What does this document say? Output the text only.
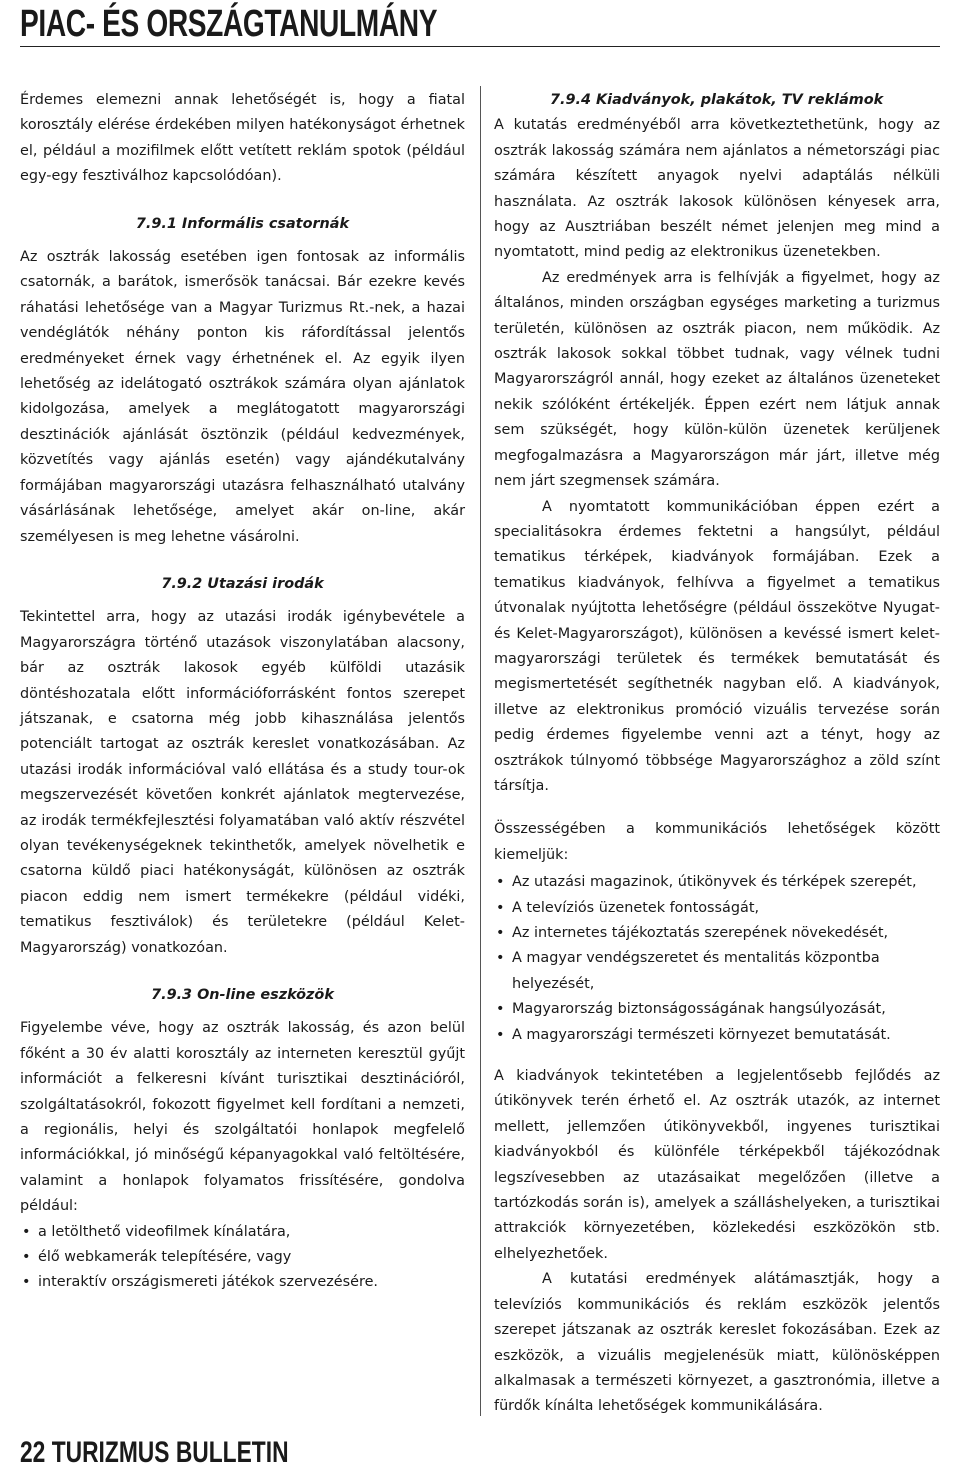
PIAC- ÉS ORSZÁGTANULMÁNY

Érdemes elemezni annak lehetőségét is, hogy a fiatal korosztály elérése érdekében milyen hatékonyságot érhetnek el, például a mozifilmek előtt vetített reklám spotok (például egy-egy fesztiválhoz kapcsolódóan).

7.9.1 Informális csatornák

Az osztrák lakosság esetében igen fontosak az informális csatornák, a barátok, ismerősök tanácsai. Bár ezekre kevés ráhatási lehetősége van a Magyar Turizmus Rt.-nek, a hazai vendéglátók néhány ponton kis ráfordítással jelentős eredményeket érnek vagy érhetnének el. Az egyik ilyen lehetőség az idelátogató osztrákok számára olyan ajánlatok kidolgozása, amelyek a meglátogatott magyarországi desztinációk ajánlását ösztönzik (például kedvezmények, közvetítés vagy ajánlás esetén) vagy ajándékutalvány formájában magyarországi utazásra felhasználható utalvány vásárlásának lehetősége, amelyet akár on-line, akár személyesen is meg lehetne vásárolni.

7.9.2 Utazási irodák

Tekintettel arra, hogy az utazási irodák igénybevétele a Magyarországra történő utazások viszonylatában alacsony, bár az osztrák lakosok egyéb külföldi utazásik döntéshozatala előtt információforrásként fontos szerepet játszanak, e csatorna még jobb kihasználása jelentős potenciált tartogat az osztrák kereslet vonatkozásában. Az utazási irodák információval való ellátása és a study tour-ok megszervezését követően konkrét ajánlatok megtervezése, az irodák termékfejlesztési folyamatában való aktív részvétel olyan tevékenységeknek tekinthetők, amelyek növelhetik e csatorna küldő piaci hatékonyságát, különösen az osztrák piacon eddig nem ismert termékekre (például vidéki, tematikus fesztiválok) és területekre (például Kelet-Magyarország) vonatkozóan.

7.9.3 On-line eszközök

Figyelembe véve, hogy az osztrák lakosság, és azon belül főként a 30 év alatti korosztály az interneten keresztül gyűjt információt a felkeresni kívánt turisztikai desztinációról, szolgáltatásokról, fokozott figyelmet kell fordítani a nemzeti, a regionális, helyi és szolgáltatói honlapok megfelelő információkkal, jó minőségű képanyagokkal való feltöltésére, valamint a honlapok folyamatos frissítésére, gondolva például:

• a letölthető videofilmek kínálatára,
• élő webkamerák telepítésére, vagy
• interaktív országismereti játékok szervezésére.
7.9.4 Kiadványok, plakátok, TV reklámok

A kutatás eredményéből arra következtethetünk, hogy az osztrák lakosság számára nem ajánlatos a németországi piac számára készített anyagok nyelvi adaptálás nélküli használata. Az osztrák lakosok különösen kényesek arra, hogy az Ausztriában beszélt német jelenjen meg mind a nyomtatott, mind pedig az elektronikus üzenetekben.

Az eredmények arra is felhívják a figyelmet, hogy az általános, minden országban egységes marketing a turizmus területén, különösen az osztrák piacon, nem működik. Az osztrák lakosok sokkal többet tudnak, vagy vélnek tudni Magyarországról annál, hogy ezeket az általános üzeneteket nekik szólóként értékeljék. Éppen ezért nem látjuk annak sem szükségét, hogy külön-külön üzenetek kerüljenek megfogalmazásra a Magyarországon már járt, illetve még nem járt szegmensek számára.

A nyomtatott kommunikációban éppen ezért a specialitásokra érdemes fektetni a hangsúlyt, például tematikus térképek, kiadványok formájában. Ezek a tematikus kiadványok, felhívva a figyelmet a tematikus útvonalak nyújtotta lehetőségre (például összekötve Nyugat- és Kelet-Magyarországot), különösen a kevéssé ismert kelet-magyarországi területek és termékek bemutatását és megismertetését segíthetnék nagyban elő. A kiadványok, illetve az elektronikus promóció vizuális tervezése során pedig érdemes figyelembe venni azt a tényt, hogy az osztrákok túlnyomó többsége Magyarországhoz a zöld színt társítja.

Összességében a kommunikációs lehetőségek között kiemeljük:

• Az utazási magazinok, útikönyvek és térképek szerepét,
• A televíziós üzenetek fontosságát,
• Az internetes tájékoztatás szerepének növekedését,
• A magyar vendégszeretet és mentalitás központba helyezését,
• Magyarország biztonságosságának hangsúlyozását,
• A magyarországi természeti környezet bemutatását.

A kiadványok tekintetében a legjelentősebb fejlődés az útikönyvek terén érhető el. Az osztrák utazók, az internet mellett, jellemzően útikönyvekből, ingyenes turisztikai kiadványokból és különféle térképekből tájékozódnak legszívesebben az utazásaikat megelőzően (illetve a tartózkodás során is), amelyek a szálláshelyeken, a turisztikai attrakciók környezetében, közlekedési eszközökön stb. elhelyezhetőek.

A kutatási eredmények alátámasztják, hogy a televíziós kommunikációs és reklám eszközök jelentős szerepet játszanak az osztrák kereslet fokozásában. Ezek az eszközök, a vizuális megjelenésük miatt, különösképpen alkalmasak a természeti környezet, a gasztronómia, illetve a fürdők kínálta lehetőségek kommunikálására.

22 TURIZMUS BULLETIN
